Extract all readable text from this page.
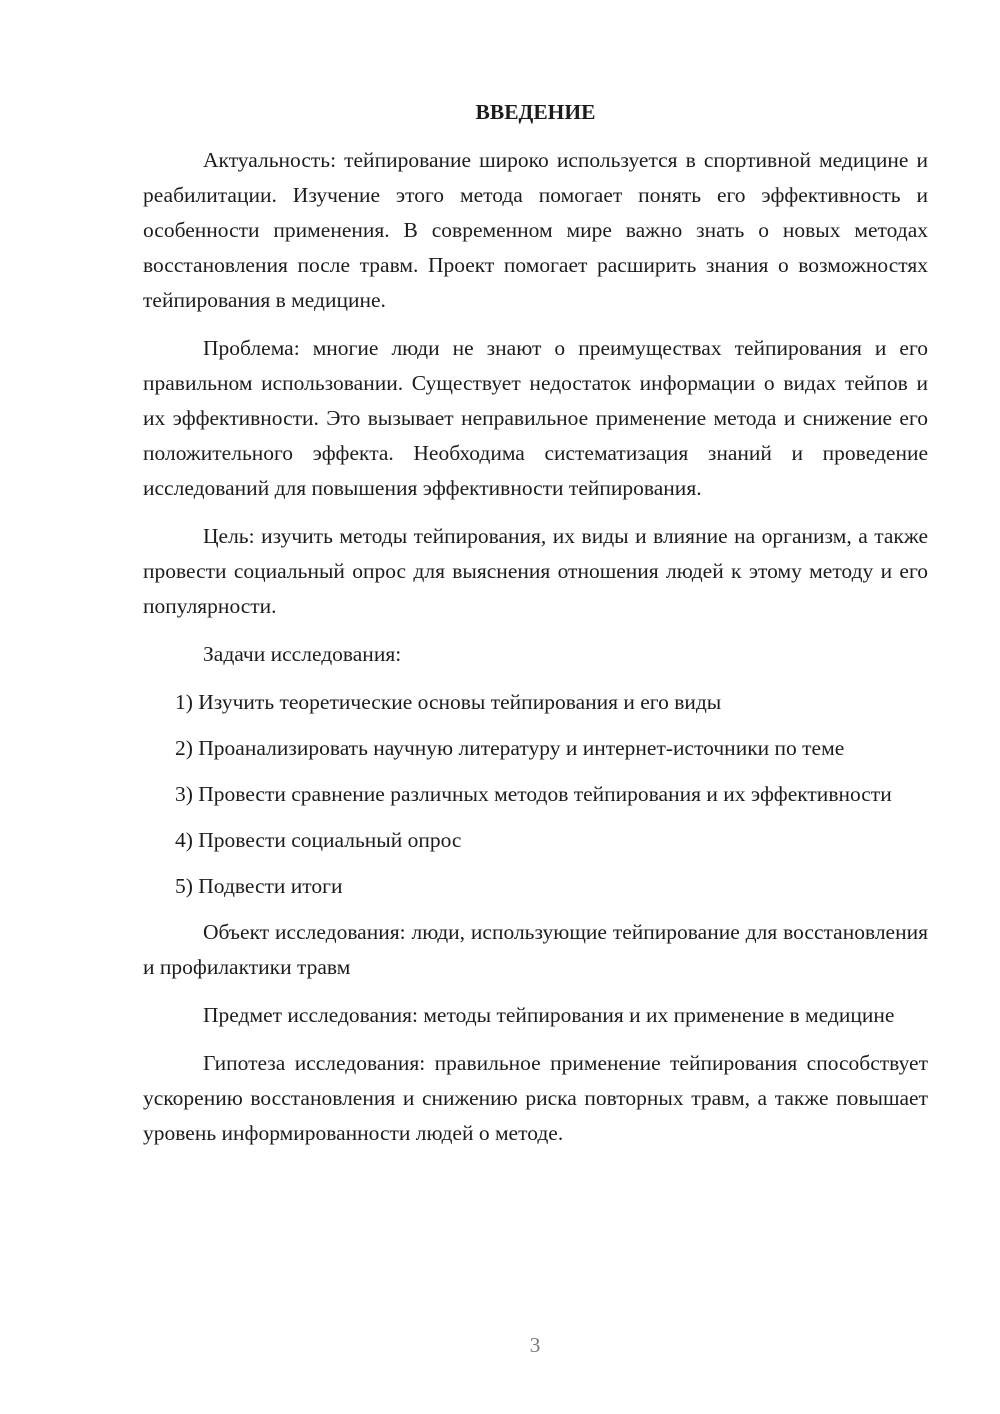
ВВЕДЕНИЕ

Актуальность: тейпирование широко используется в спортивной медицине и реабилитации. Изучение этого метода помогает понять его эффективность и особенности применения. В современном мире важно знать о новых методах восстановления после травм. Проект помогает расширить знания о возможностях тейпирования в медицине.

Проблема: многие люди не знают о преимуществах тейпирования и его правильном использовании. Существует недостаток информации о видах тейпов и их эффективности. Это вызывает неправильное применение метода и снижение его положительного эффекта. Необходима систематизация знаний и проведение исследований для повышения эффективности тейпирования.

Цель: изучить методы тейпирования, их виды и влияние на организм, а также провести социальный опрос для выяснения отношения людей к этому методу и его популярности.

Задачи исследования:

1) Изучить теоретические основы тейпирования и его виды

2) Проанализировать научную литературу и интернет-источники по теме

3) Провести сравнение различных методов тейпирования и их эффективности

4) Провести социальный опрос

5) Подвести итоги

Объект исследования: люди, использующие тейпирование для восстановления и профилактики травм

Предмет исследования: методы тейпирования и их применение в медицине

Гипотеза исследования: правильное применение тейпирования способствует ускорению восстановления и снижению риска повторных травм, а также повышает уровень информированности людей о методе.

3
